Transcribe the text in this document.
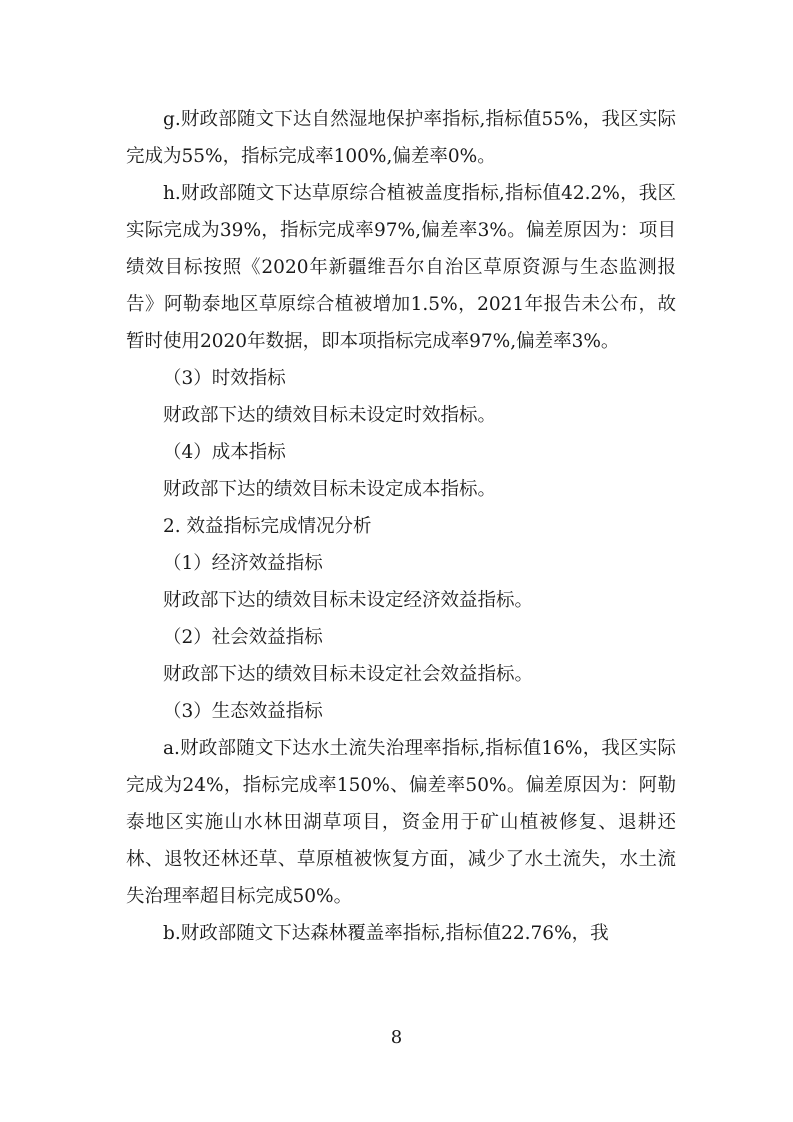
g.财政部随文下达自然湿地保护率指标,指标值55%，我区实际完成为55%，指标完成率100%,偏差率0%。

h.财政部随文下达草原综合植被盖度指标,指标值42.2%，我区实际完成为39%，指标完成率97%,偏差率3%。偏差原因为：项目绩效目标按照《2020年新疆维吾尔自治区草原资源与生态监测报告》阿勒泰地区草原综合植被增加1.5%，2021年报告未公布，故暂时使用2020年数据，即本项指标完成率97%,偏差率3%。

（3）时效指标

财政部下达的绩效目标未设定时效指标。

（4）成本指标

财政部下达的绩效目标未设定成本指标。

2. 效益指标完成情况分析

（1）经济效益指标

财政部下达的绩效目标未设定经济效益指标。

（2）社会效益指标

财政部下达的绩效目标未设定社会效益指标。

（3）生态效益指标

a.财政部随文下达水土流失治理率指标,指标值16%，我区实际完成为24%，指标完成率150%、偏差率50%。偏差原因为：阿勒泰地区实施山水林田湖草项目，资金用于矿山植被修复、退耕还林、退牧还林还草、草原植被恢复方面，减少了水土流失，水土流失治理率超目标完成50%。

b.财政部随文下达森林覆盖率指标,指标值22.76%，我

8
